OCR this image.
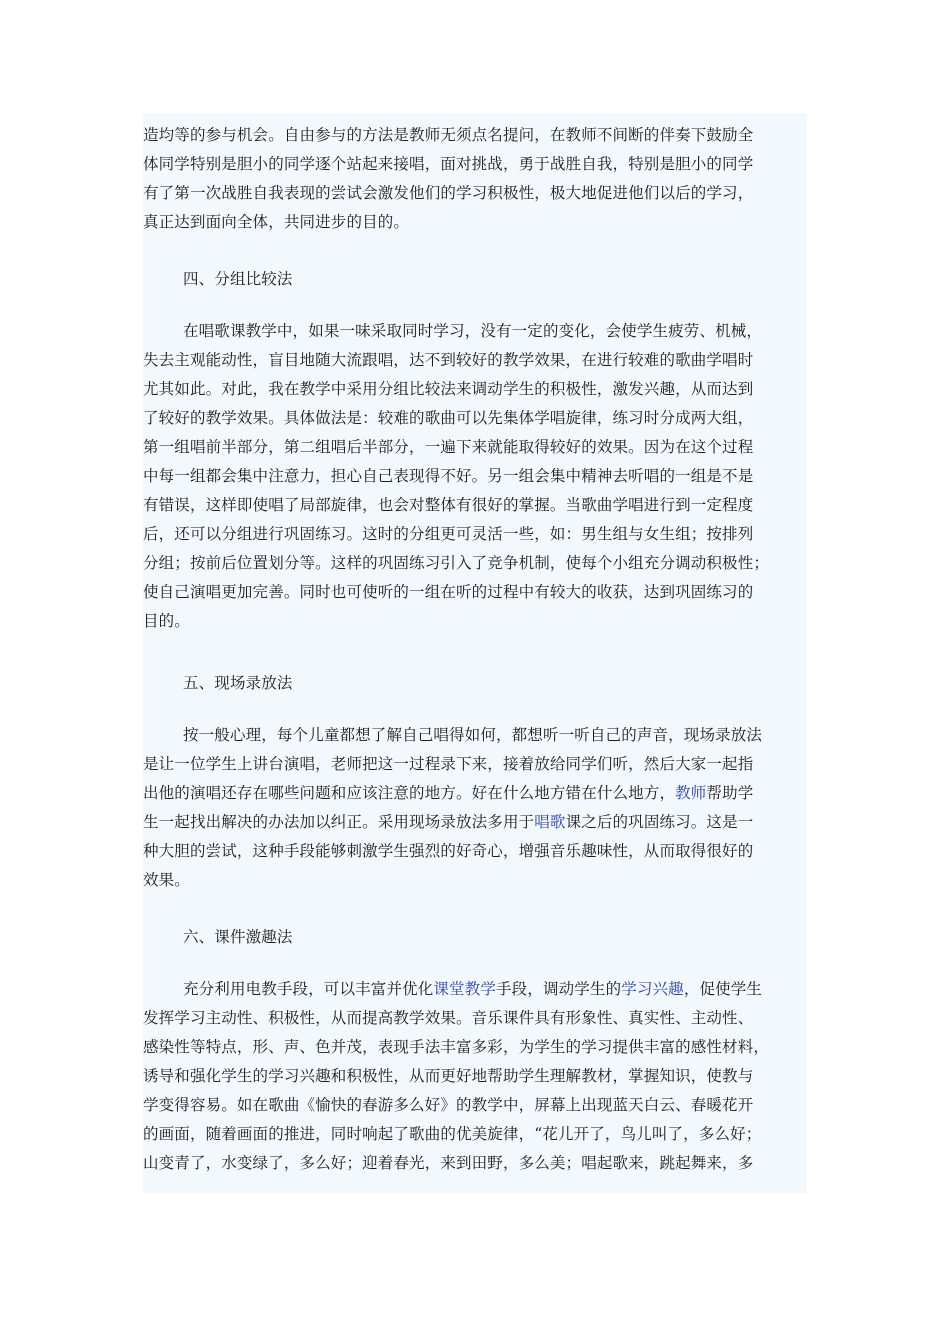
造均等的参与机会。自由参与的方法是教师无须点名提问，在教师不间断的伴奏下鼓励全
体同学特别是胆小的同学逐个站起来接唱，面对挑战，勇于战胜自我，特别是胆小的同学
有了第一次战胜自我表现的尝试会激发他们的学习积极性，极大地促进他们以后的学习，
真正达到面向全体，共同进步的目的。
四、分组比较法
在唱歌课教学中，如果一味采取同时学习，没有一定的变化，会使学生疲劳、机械，
失去主观能动性，盲目地随大流跟唱，达不到较好的教学效果，在进行较难的歌曲学唱时
尤其如此。对此，我在教学中采用分组比较法来调动学生的积极性，激发兴趣，从而达到
了较好的教学效果。具体做法是：较难的歌曲可以先集体学唱旋律，练习时分成两大组，
第一组唱前半部分，第二组唱后半部分，一遍下来就能取得较好的效果。因为在这个过程
中每一组都会集中注意力，担心自己表现得不好。另一组会集中精神去听唱的一组是不是
有错误，这样即使唱了局部旋律，也会对整体有很好的掌握。当歌曲学唱进行到一定程度
后，还可以分组进行巩固练习。这时的分组更可灵活一些，如：男生组与女生组；按排列
分组；按前后位置划分等。这样的巩固练习引入了竞争机制，使每个小组充分调动积极性；
使自己演唱更加完善。同时也可使听的一组在听的过程中有较大的收获，达到巩固练习的
目的。
五、现场录放法
按一般心理，每个儿童都想了解自己唱得如何，都想听一听自己的声音，现场录放法
是让一位学生上讲台演唱，老师把这一过程录下来，接着放给同学们听，然后大家一起指
出他的演唱还存在哪些问题和应该注意的地方。好在什么地方错在什么地方，教师帮助学
生一起找出解决的办法加以纠正。采用现场录放法多用于唱歌课之后的巩固练习。这是一
种大胆的尝试，这种手段能够刺激学生强烈的好奇心，增强音乐趣味性，从而取得很好的
效果。
六、课件激趣法
充分利用电教手段，可以丰富并优化课堂教学手段，调动学生的学习兴趣，促使学生
发挥学习主动性、积极性，从而提高教学效果。音乐课件具有形象性、真实性、主动性、
感染性等特点，形、声、色并茂，表现手法丰富多彩，为学生的学习提供丰富的感性材料，
诱导和强化学生的学习兴趣和积极性，从而更好地帮助学生理解教材，掌握知识，使教与
学变得容易。如在歌曲《愉快的春游多么好》的教学中，屏幕上出现蓝天白云、春暖花开
的画面，随着画面的推进，同时响起了歌曲的优美旋律，“花儿开了，鸟儿叫了，多么好；
山变青了，水变绿了，多么好；迎着春光，来到田野，多么美；唱起歌来，跳起舞来，多
